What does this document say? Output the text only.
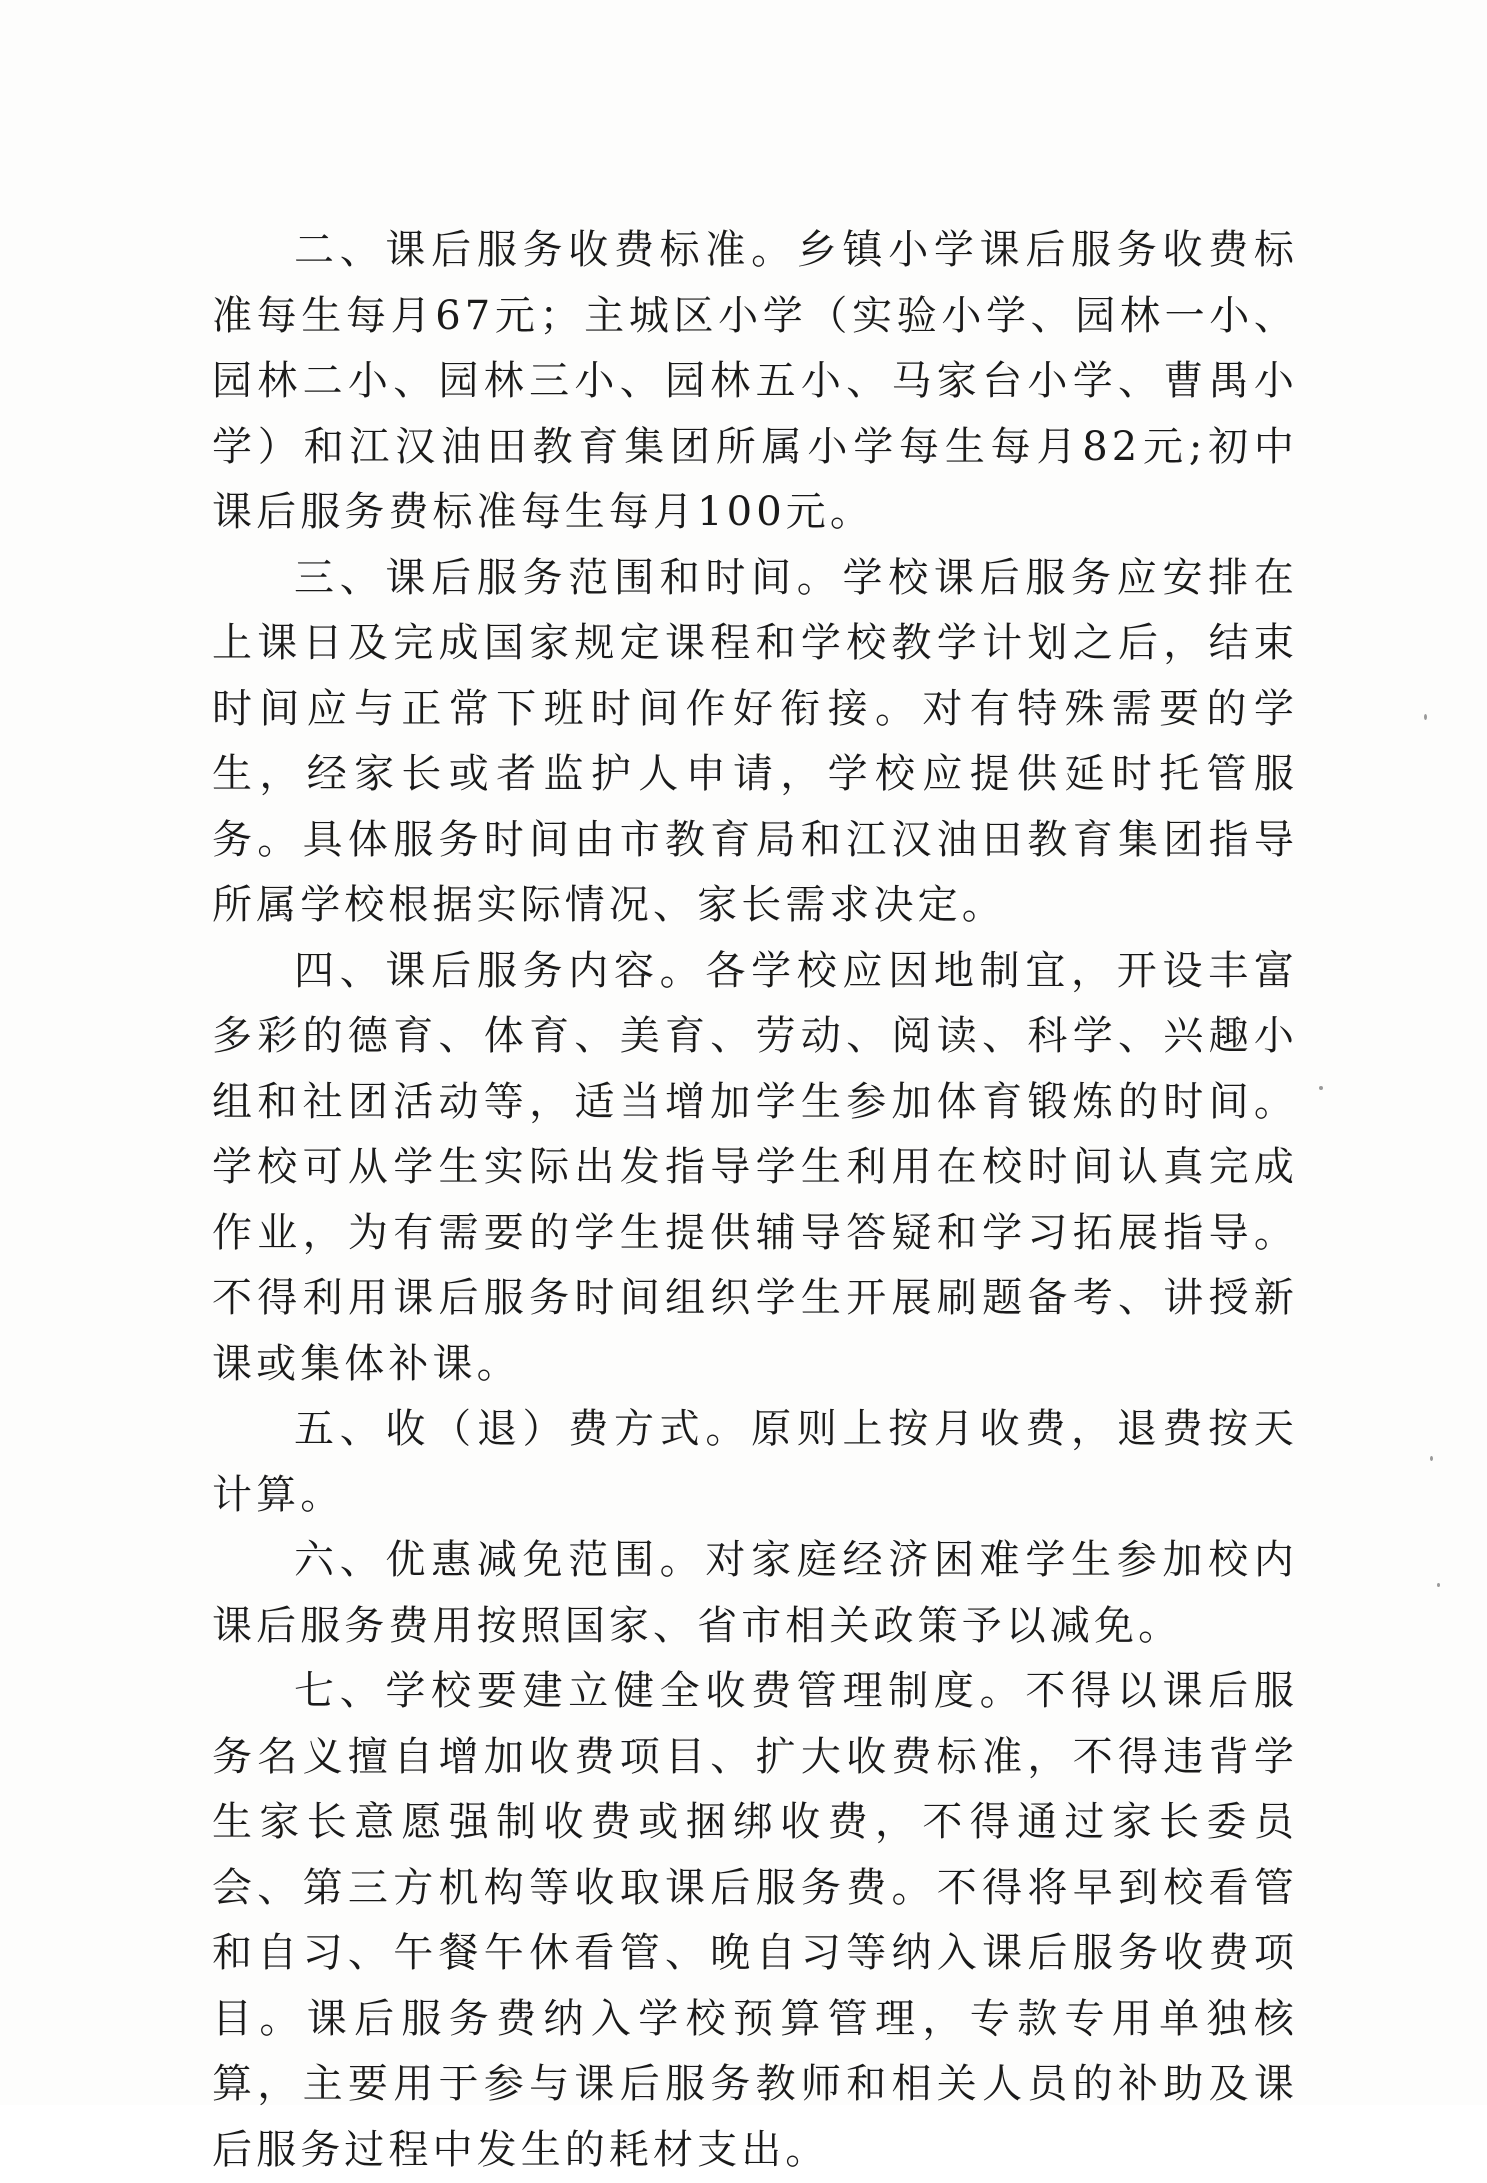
二、课后服务收费标准。乡镇小学课后服务收费标准每生每月67元；主城区小学（实验小学、园林一小、园林二小、园林三小、园林五小、马家台小学、曹禺小学）和江汉油田教育集团所属小学每生每月82元;初中课后服务费标准每生每月100元。

三、课后服务范围和时间。学校课后服务应安排在上课日及完成国家规定课程和学校教学计划之后，结束时间应与正常下班时间作好衔接。对有特殊需要的学生，经家长或者监护人申请，学校应提供延时托管服务。具体服务时间由市教育局和江汉油田教育集团指导所属学校根据实际情况、家长需求决定。

四、课后服务内容。各学校应因地制宜，开设丰富多彩的德育、体育、美育、劳动、阅读、科学、兴趣小组和社团活动等，适当增加学生参加体育锻炼的时间。学校可从学生实际出发指导学生利用在校时间认真完成作业，为有需要的学生提供辅导答疑和学习拓展指导。不得利用课后服务时间组织学生开展刷题备考、讲授新课或集体补课。

五、收（退）费方式。原则上按月收费，退费按天计算。

六、优惠减免范围。对家庭经济困难学生参加校内课后服务费用按照国家、省市相关政策予以减免。

七、学校要建立健全收费管理制度。不得以课后服务名义擅自增加收费项目、扩大收费标准，不得违背学生家长意愿强制收费或捆绑收费，不得通过家长委员会、第三方机构等收取课后服务费。不得将早到校看管和自习、午餐午休看管、晚自习等纳入课后服务收费项目。课后服务费纳入学校预算管理，专款专用单独核算，主要用于参与课后服务教师和相关人员的补助及课后服务过程中发生的耗材支出。
